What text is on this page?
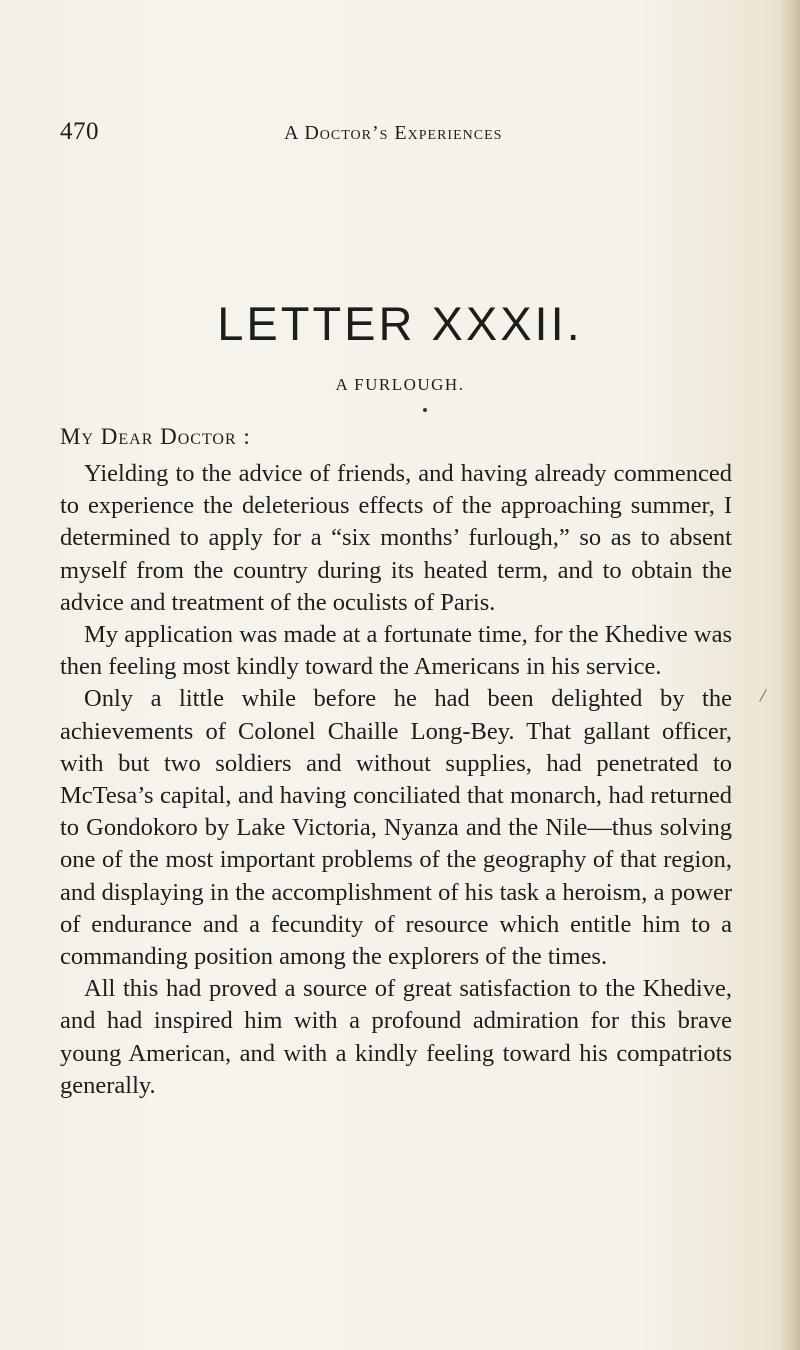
470	A Doctor’s Experiences
LETTER XXXII.
A FURLOUGH.
My Dear Doctor :

Yielding to the advice of friends, and having already commenced to experience the deleterious effects of the approaching summer, I determined to apply for a “six months’ furlough,” so as to absent myself from the country during its heated term, and to obtain the advice and treatment of the oculists of Paris.

My application was made at a fortunate time, for the Khedive was then feeling most kindly toward the Americans in his service.

Only a little while before he had been delighted by the achievements of Colonel Chaille Long-Bey. That gallant officer, with but two soldiers and without supplies, had penetrated to McTesa’s capital, and having conciliated that monarch, had returned to Gondokoro by Lake Victoria, Nyanza and the Nile—thus solving one of the most important problems of the geography of that region, and displaying in the accomplishment of his task a heroism, a power of endurance and a fecundity of resource which entitle him to a commanding position among the explorers of the times.

All this had proved a source of great satisfaction to the Khedive, and had inspired him with a profound admiration for this brave young American, and with a kindly feeling toward his compatriots generally.

/
